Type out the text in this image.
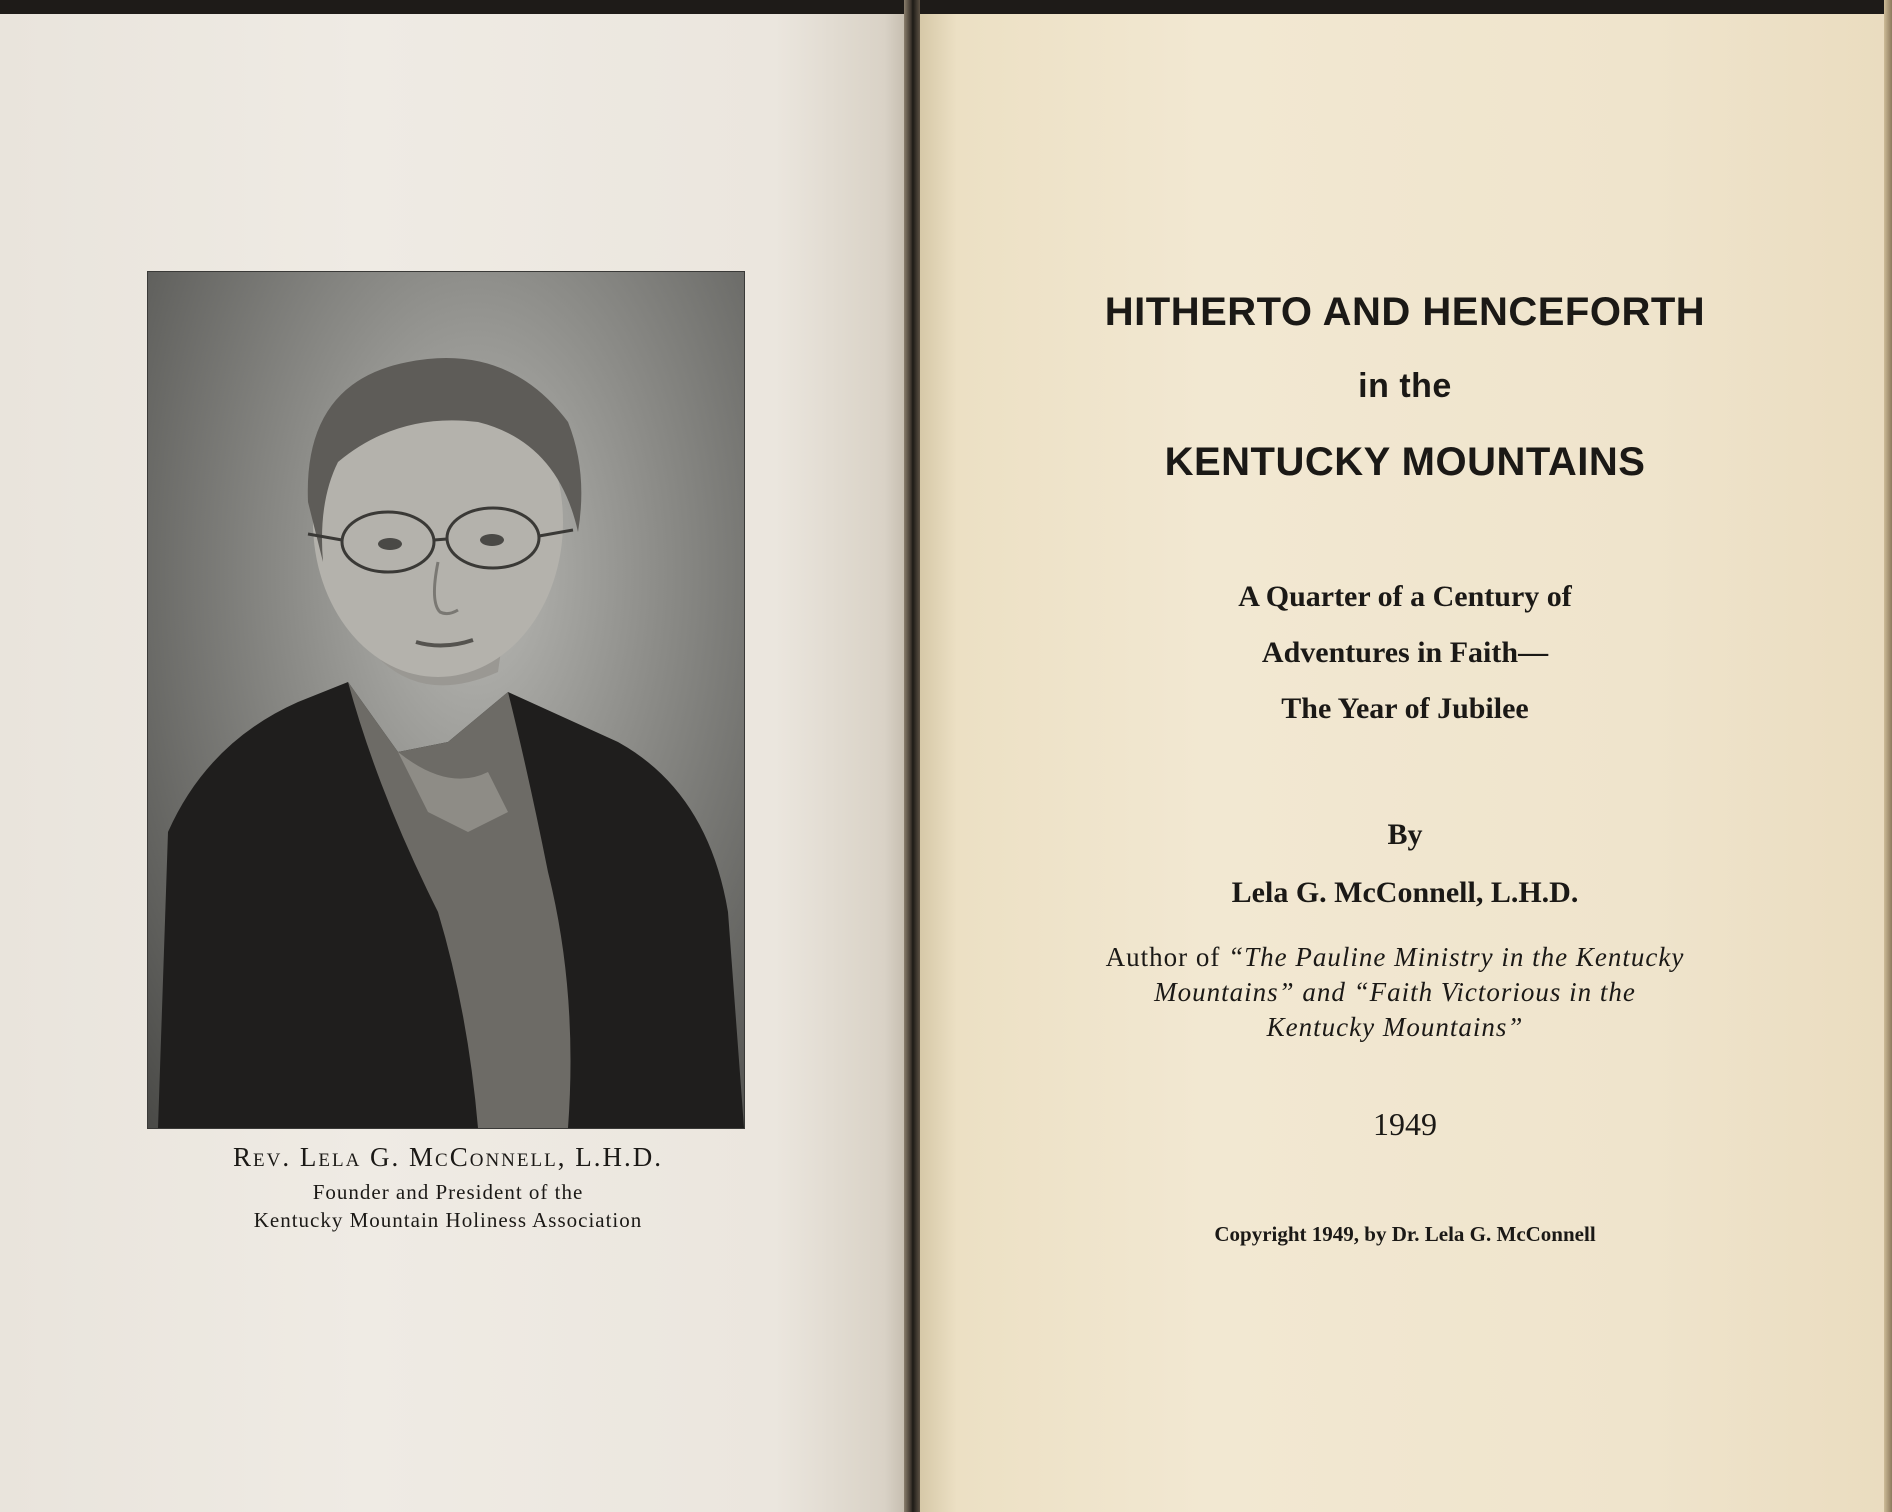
Rev. Lela G. McConnell, L.H.D.
Founder and President of the
Kentucky Mountain Holiness Association
HITHERTO AND HENCEFORTH
in the
KENTUCKY MOUNTAINS
A Quarter of a Century of
Adventures in Faith—
The Year of Jubilee
By
Lela G. McConnell, L.H.D.
Author of “The Pauline Ministry in the Kentucky
Mountains” and “Faith Victorious in the
Kentucky Mountains”
1949
Copyright 1949, by Dr. Lela G. McConnell
